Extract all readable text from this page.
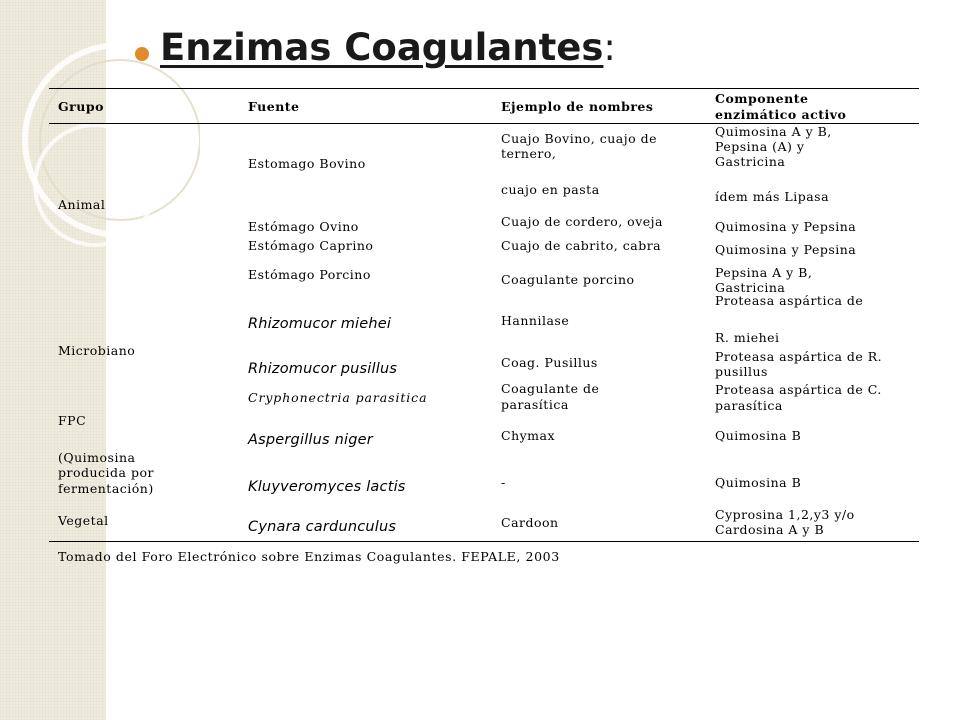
Enzimas Coagulantes:
Grupo	Fuente	Ejemplo de nombres
Componente
enzimático activo
Animal
Microbiano
FPC
(Quimosina
producida por
fermentación)
Vegetal
Estomago Bovino
Estómago Ovino
Estómago Caprino
Estómago Porcino
Rhizomucor miehei
Rhizomucor pusillus
Cryphonectria parasitica
Aspergillus niger
Kluyveromyces lactis
Cynara cardunculus
Cuajo Bovino, cuajo de
ternero,
cuajo en pasta
Cuajo de cordero, oveja
Cuajo de cabrito, cabra
Coagulante porcino
Hannilase
Coag. Pusillus
Coagulante de
parasítica
Chymax
-
Cardoon
Quimosina A y B,
Pepsina (A) y
Gastricina
ídem más Lipasa
Quimosina y Pepsina
Quimosina y Pepsina
Pepsina A y B,
Gastricina
Proteasa aspártica de
R. miehei
Proteasa aspártica de R.
pusillus
Proteasa aspártica de C.
parasítica
Quimosina B
Quimosina B
Cyprosina 1,2,y3 y/o
Cardosina A y B
Tomado del Foro Electrónico sobre Enzimas Coagulantes. FEPALE, 2003
